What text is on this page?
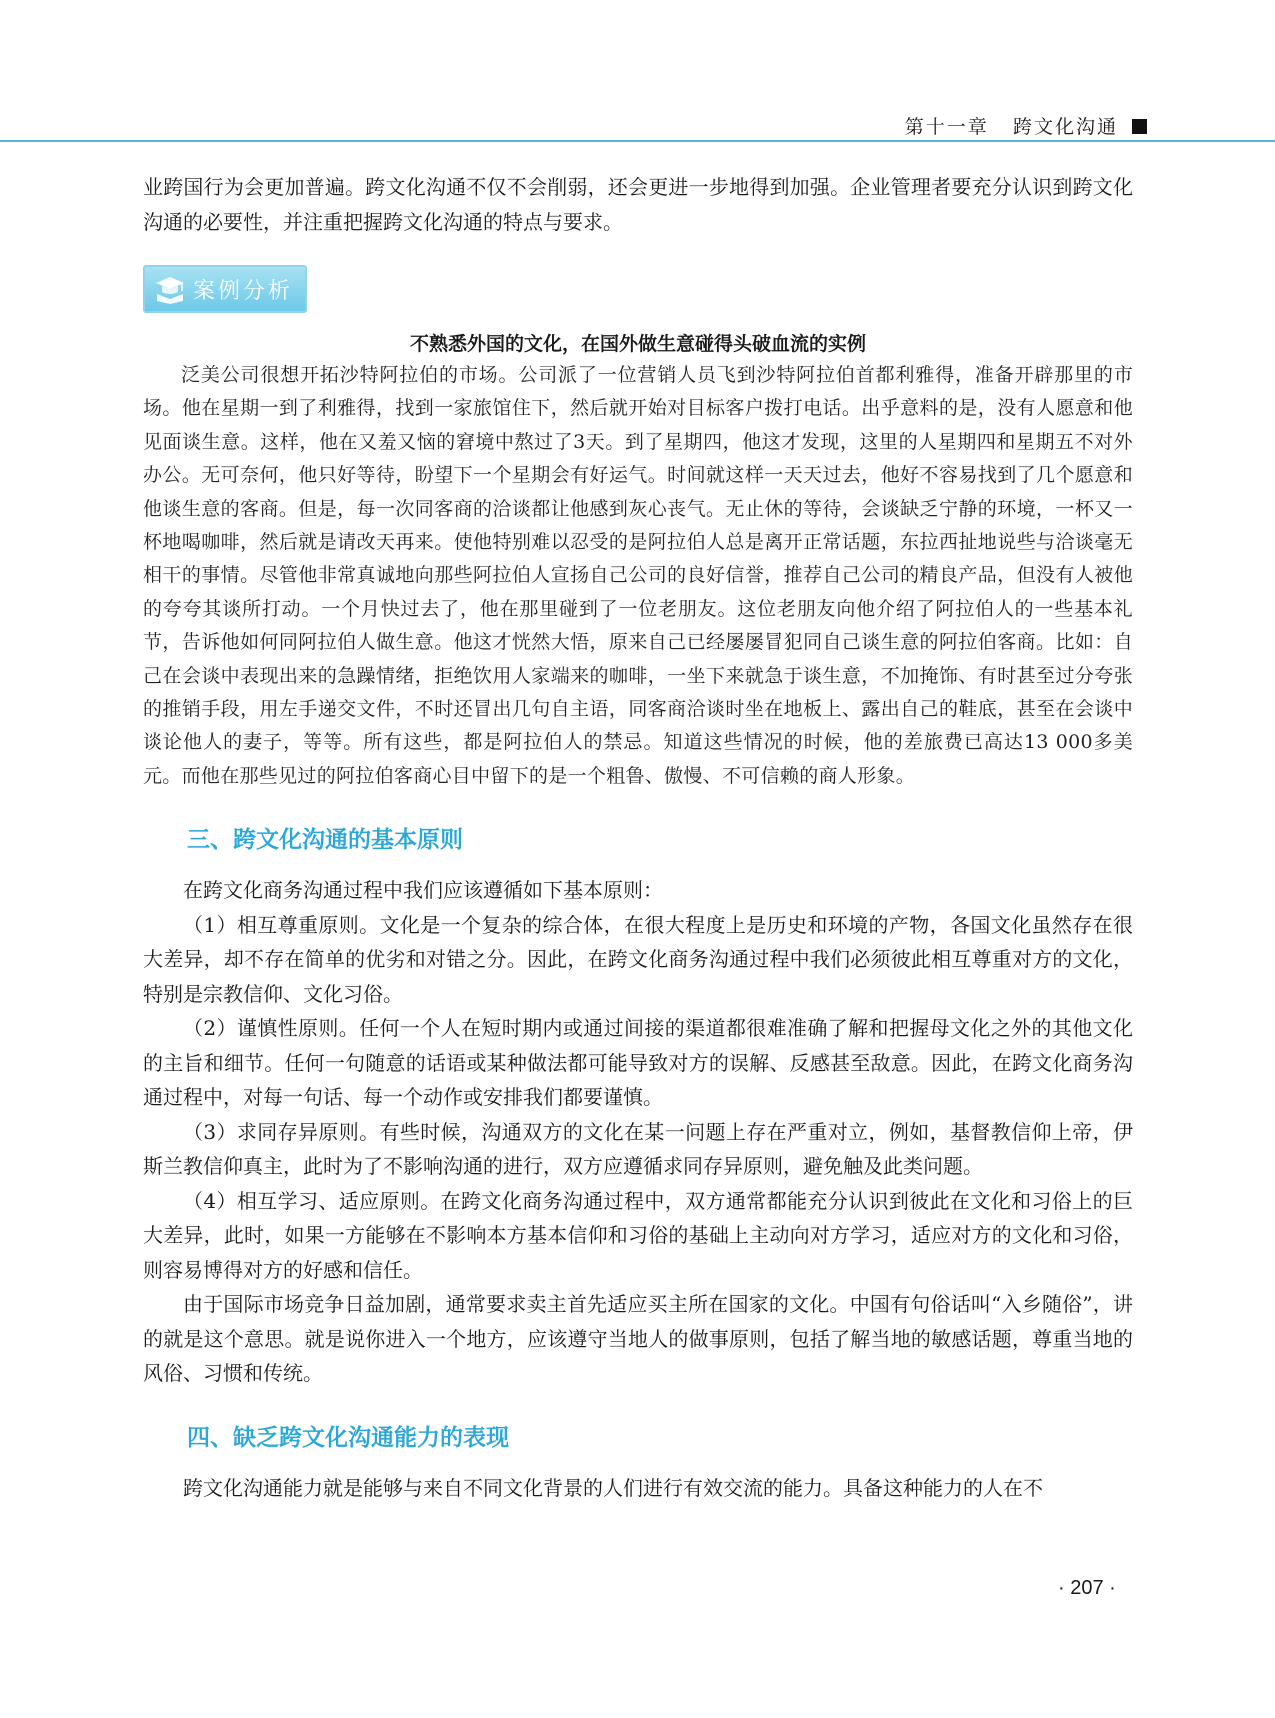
第十一章 跨文化沟通

业跨国行为会更加普遍。跨文化沟通不仅不会削弱，还会更进一步地得到加强。企业管理者要充分认识到跨文化沟通的必要性，并注重把握跨文化沟通的特点与要求。

案例分析
不熟悉外国的文化，在国外做生意碰得头破血流的实例

泛美公司很想开拓沙特阿拉伯的市场。公司派了一位营销人员飞到沙特阿拉伯首都利雅得，准备开辟那里的市场。他在星期一到了利雅得，找到一家旅馆住下，然后就开始对目标客户拨打电话。出乎意料的是，没有人愿意和他见面谈生意。这样，他在又羞又恼的窘境中熬过了3天。到了星期四，他这才发现，这里的人星期四和星期五不对外办公。无可奈何，他只好等待，盼望下一个星期会有好运气。时间就这样一天天过去，他好不容易找到了几个愿意和他谈生意的客商。但是，每一次同客商的洽谈都让他感到灰心丧气。无止休的等待，会谈缺乏宁静的环境，一杯又一杯地喝咖啡，然后就是请改天再来。使他特别难以忍受的是阿拉伯人总是离开正常话题，东拉西扯地说些与洽谈毫无相干的事情。尽管他非常真诚地向那些阿拉伯人宣扬自己公司的良好信誉，推荐自己公司的精良产品，但没有人被他的夸夸其谈所打动。一个月快过去了，他在那里碰到了一位老朋友。这位老朋友向他介绍了阿拉伯人的一些基本礼节，告诉他如何同阿拉伯人做生意。他这才恍然大悟，原来自己已经屡屡冒犯同自己谈生意的阿拉伯客商。比如：自己在会谈中表现出来的急躁情绪，拒绝饮用人家端来的咖啡，一坐下来就急于谈生意，不加掩饰、有时甚至过分夸张的推销手段，用左手递交文件，不时还冒出几句自主语，同客商洽谈时坐在地板上、露出自己的鞋底，甚至在会谈中谈论他人的妻子，等等。所有这些，都是阿拉伯人的禁忌。知道这些情况的时候，他的差旅费已高达13 000多美元。而他在那些见过的阿拉伯客商心目中留下的是一个粗鲁、傲慢、不可信赖的商人形象。

三、跨文化沟通的基本原则

在跨文化商务沟通过程中我们应该遵循如下基本原则：

（1）相互尊重原则。文化是一个复杂的综合体，在很大程度上是历史和环境的产物，各国文化虽然存在很大差异，却不存在简单的优劣和对错之分。因此，在跨文化商务沟通过程中我们必须彼此相互尊重对方的文化，特别是宗教信仰、文化习俗。

（2）谨慎性原则。任何一个人在短时期内或通过间接的渠道都很难准确了解和把握母文化之外的其他文化的主旨和细节。任何一句随意的话语或某种做法都可能导致对方的误解、反感甚至敌意。因此，在跨文化商务沟通过程中，对每一句话、每一个动作或安排我们都要谨慎。

（3）求同存异原则。有些时候，沟通双方的文化在某一问题上存在严重对立，例如，基督教信仰上帝，伊斯兰教信仰真主，此时为了不影响沟通的进行，双方应遵循求同存异原则，避免触及此类问题。

（4）相互学习、适应原则。在跨文化商务沟通过程中，双方通常都能充分认识到彼此在文化和习俗上的巨大差异，此时，如果一方能够在不影响本方基本信仰和习俗的基础上主动向对方学习，适应对方的文化和习俗，则容易博得对方的好感和信任。

由于国际市场竞争日益加剧，通常要求卖主首先适应买主所在国家的文化。中国有句俗话叫“入乡随俗”，讲的就是这个意思。就是说你进入一个地方，应该遵守当地人的做事原则，包括了解当地的敏感话题，尊重当地的风俗、习惯和传统。

四、缺乏跨文化沟通能力的表现

跨文化沟通能力就是能够与来自不同文化背景的人们进行有效交流的能力。具备这种能力的人在不

· 207 ·
